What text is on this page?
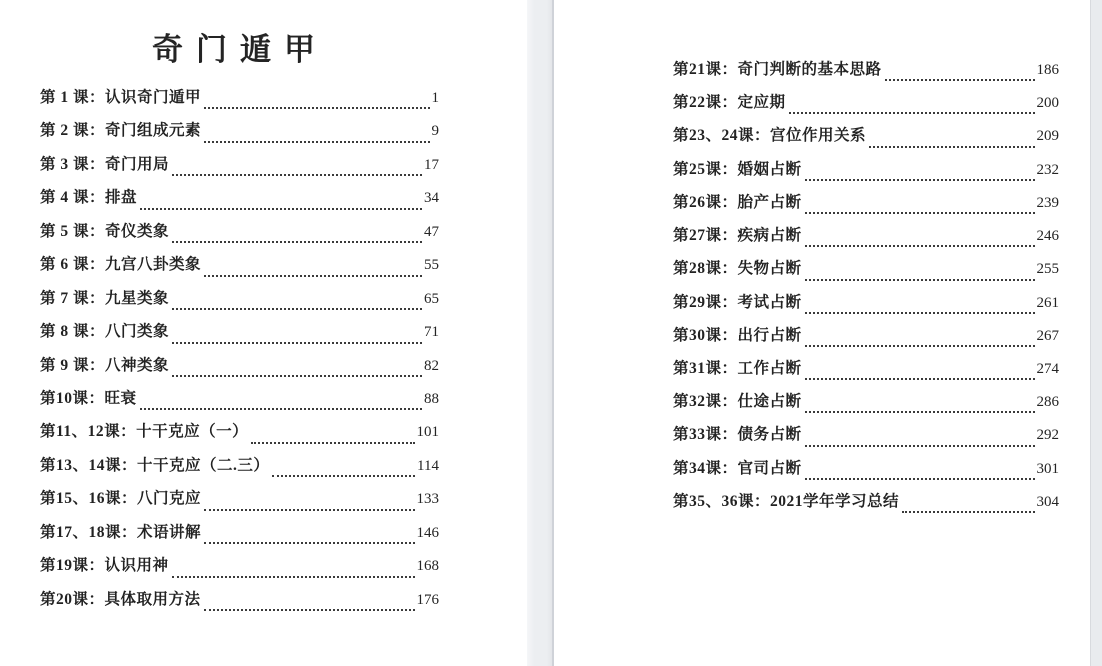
奇门遁甲
第 1 课：认识奇门遁甲	1
第 2 课：奇门组成元素	9
第 3 课：奇门用局	17
第 4 课：排盘	34
第 5 课：奇仪类象	47
第 6 课：九宫八卦类象	55
第 7 课：九星类象	65
第 8 课：八门类象	71
第 9 课：八神类象	82
第10课：旺衰	88
第11、12课：十干克应（一）	101
第13、14课：十干克应（二.三）	114
第15、16课：八门克应	133
第17、18课：术语讲解	146
第19课：认识用神	168
第20课：具体取用方法	176
第21课：奇门判断的基本思路	186
第22课：定应期	200
第23、24课：宫位作用关系	209
第25课：婚姻占断	232
第26课：胎产占断	239
第27课：疾病占断	246
第28课：失物占断	255
第29课：考试占断	261
第30课：出行占断	267
第31课：工作占断	274
第32课：仕途占断	286
第33课：债务占断	292
第34课：官司占断	301
第35、36课：2021学年学习总结	304
